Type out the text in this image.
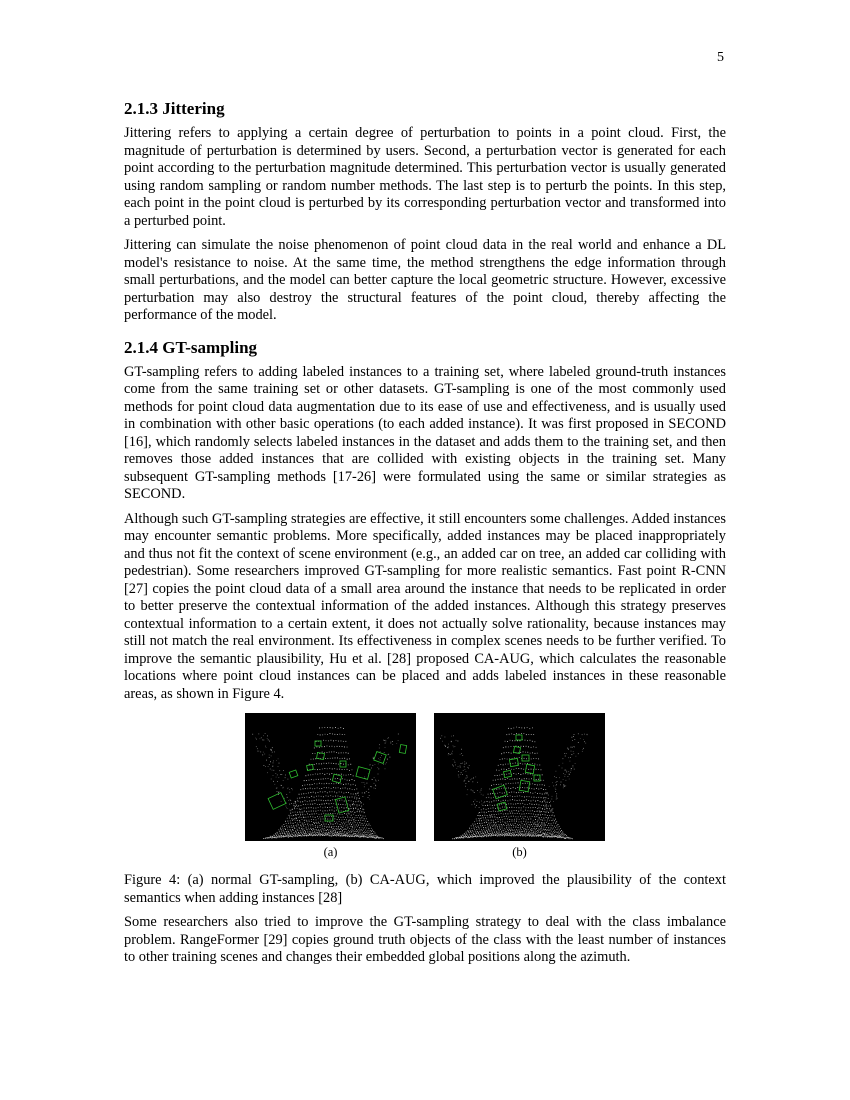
5
2.1.3 Jittering

Jittering refers to applying a certain degree of perturbation to points in a point cloud. First, the magnitude of perturbation is determined by users. Second, a perturbation vector is generated for each point according to the perturbation magnitude determined. This perturbation vector is usually generated using random sampling or random number methods. The last step is to perturb the points. In this step, each point in the point cloud is perturbed by its corresponding perturbation vector and transformed into a perturbed point.

Jittering can simulate the noise phenomenon of point cloud data in the real world and enhance a DL model's resistance to noise. At the same time, the method strengthens the edge information through small perturbations, and the model can better capture the local geometric structure. However, excessive perturbation may also destroy the structural features of the point cloud, thereby affecting the performance of the model.

2.1.4 GT-sampling

GT-sampling refers to adding labeled instances to a training set, where labeled ground-truth instances come from the same training set or other datasets. GT-sampling is one of the most commonly used methods for point cloud data augmentation due to its ease of use and effectiveness, and is usually used in combination with other basic operations (to each added instance). It was first proposed in SECOND [16], which randomly selects labeled instances in the dataset and adds them to the training set, and then removes those added instances that are collided with existing objects in the training set. Many subsequent GT-sampling methods [17-26] were formulated using the same or similar strategies as SECOND.

Although such GT-sampling strategies are effective, it still encounters some challenges. Added instances may encounter semantic problems. More specifically, added instances may be placed inappropriately and thus not fit the context of scene environment (e.g., an added car on tree, an added car colliding with pedestrian). Some researchers improved GT-sampling for more realistic semantics. Fast point R-CNN [27] copies the point cloud data of a small area around the instance that needs to be replicated in order to better preserve the contextual information of the added instances. Although this strategy preserves contextual information to a certain extent, it does not actually solve rationality, because instances may still not match the real environment. Its effectiveness in complex scenes needs to be further verified. To improve the semantic plausibility, Hu et al. [28] proposed CA-AUG, which calculates the reasonable locations where point cloud instances can be placed and adds labeled instances in these reasonable areas, as shown in Figure 4.

(a)	(b)

Figure 4: (a) normal GT-sampling, (b) CA-AUG, which improved the plausibility of the context semantics when adding instances [28]

Some researchers also tried to improve the GT-sampling strategy to deal with the class imbalance problem. RangeFormer [29] copies ground truth objects of the class with the least number of instances to other training scenes and changes their embedded global positions along the azimuth.
